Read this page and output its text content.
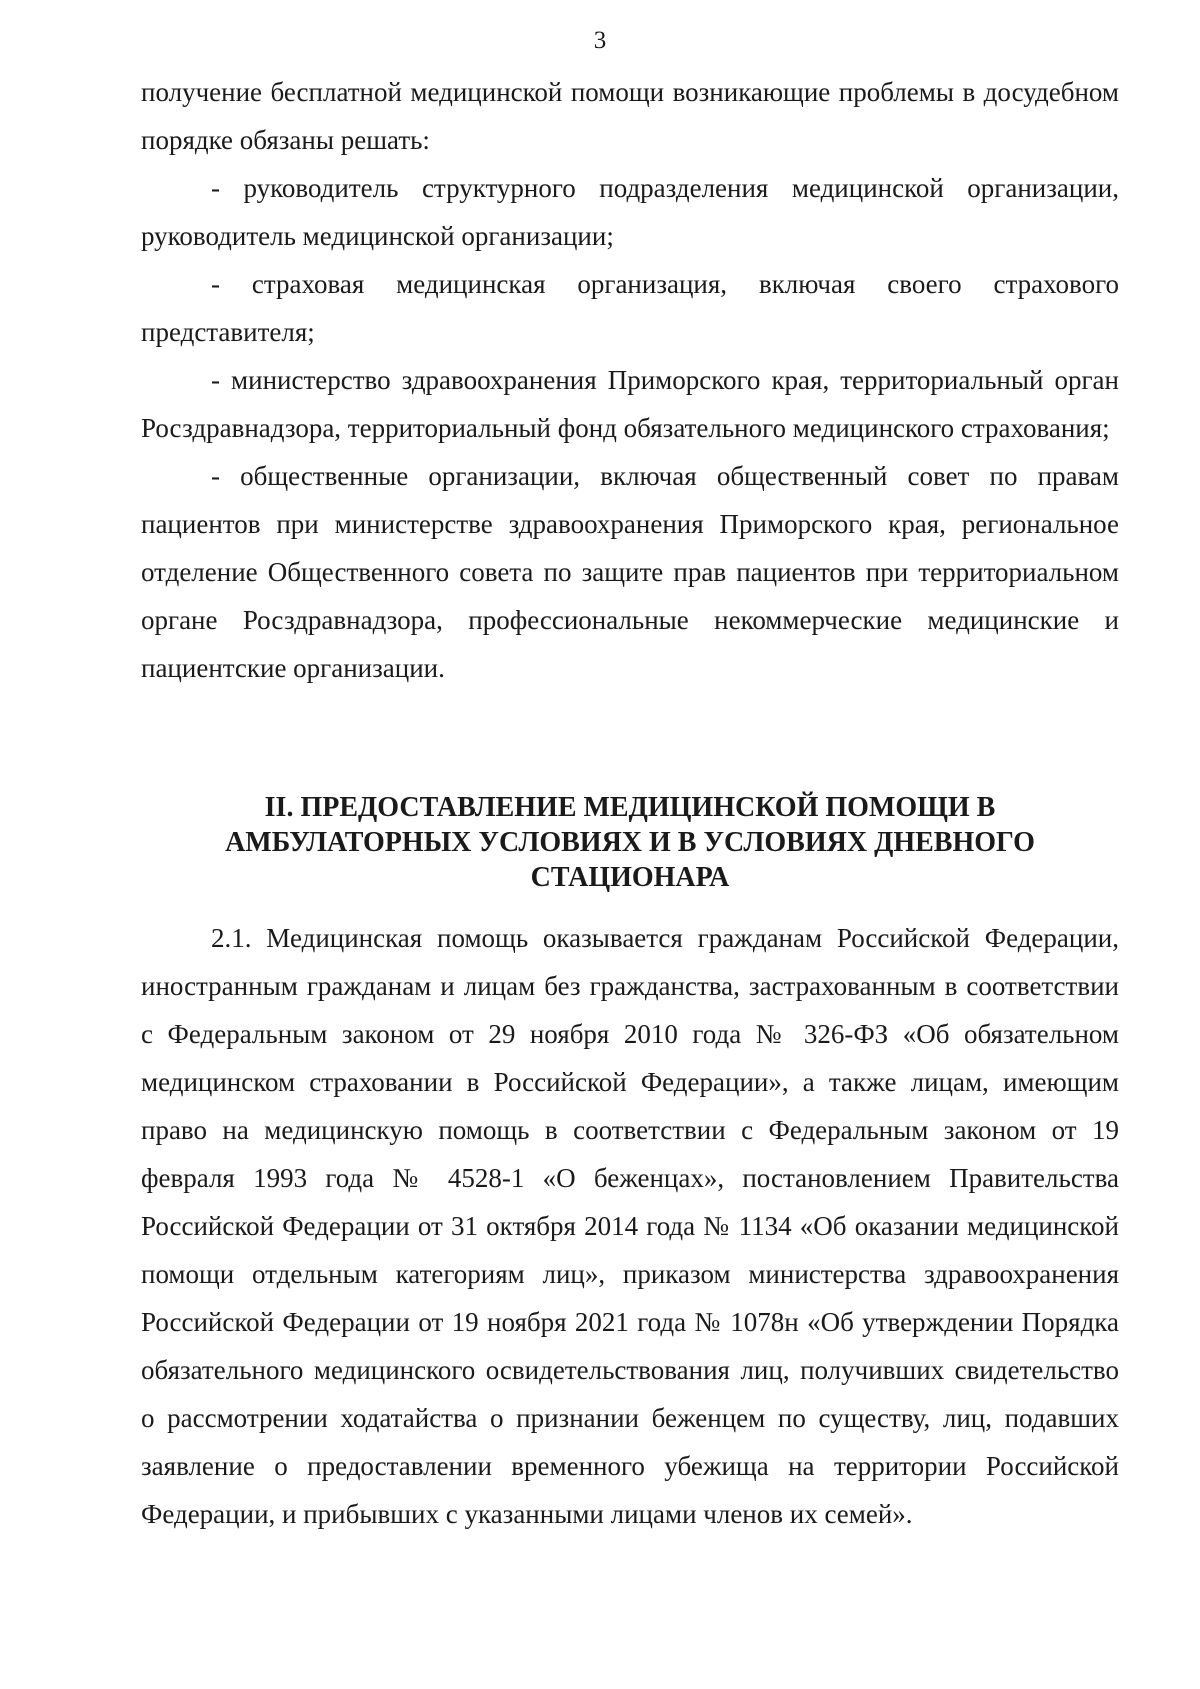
3

получение бесплатной медицинской помощи возникающие проблемы в досудебном порядке обязаны решать:

- руководитель структурного подразделения медицинской организации, руководитель медицинской организации;

- страховая медицинская организация, включая своего страхового представителя;

- министерство здравоохранения Приморского края, территориальный орган Росздравнадзора, территориальный фонд обязательного медицинского страхования;

- общественные организации, включая общественный совет по правам пациентов при министерстве здравоохранения Приморского края, региональное отделение Общественного совета по защите прав пациентов при территориальном органе Росздравнадзора, профессиональные некоммерческие медицинские и пациентские организации.

II. ПРЕДОСТАВЛЕНИЕ МЕДИЦИНСКОЙ ПОМОЩИ В
АМБУЛАТОРНЫХ УСЛОВИЯХ И В УСЛОВИЯХ ДНЕВНОГО
СТАЦИОНАРА

2.1. Медицинская помощь оказывается гражданам Российской Федерации, иностранным гражданам и лицам без гражданства, застрахованным в соответствии с Федеральным законом от 29 ноября 2010 года № 326-ФЗ «Об обязательном медицинском страховании в Российской Федерации», а также лицам, имеющим право на медицинскую помощь в соответствии с Федеральным законом от 19 февраля 1993 года № 4528-1 «О беженцах», постановлением Правительства Российской Федерации от 31 октября 2014 года № 1134 «Об оказании медицинской помощи отдельным категориям лиц», приказом министерства здравоохранения Российской Федерации от 19 ноября 2021 года № 1078н «Об утверждении Порядка обязательного медицинского освидетельствования лиц, получивших свидетельство о рассмотрении ходатайства о признании беженцем по существу, лиц, подавших заявление о предоставлении временного убежища на территории Российской Федерации, и прибывших с указанными лицами членов их семей».
